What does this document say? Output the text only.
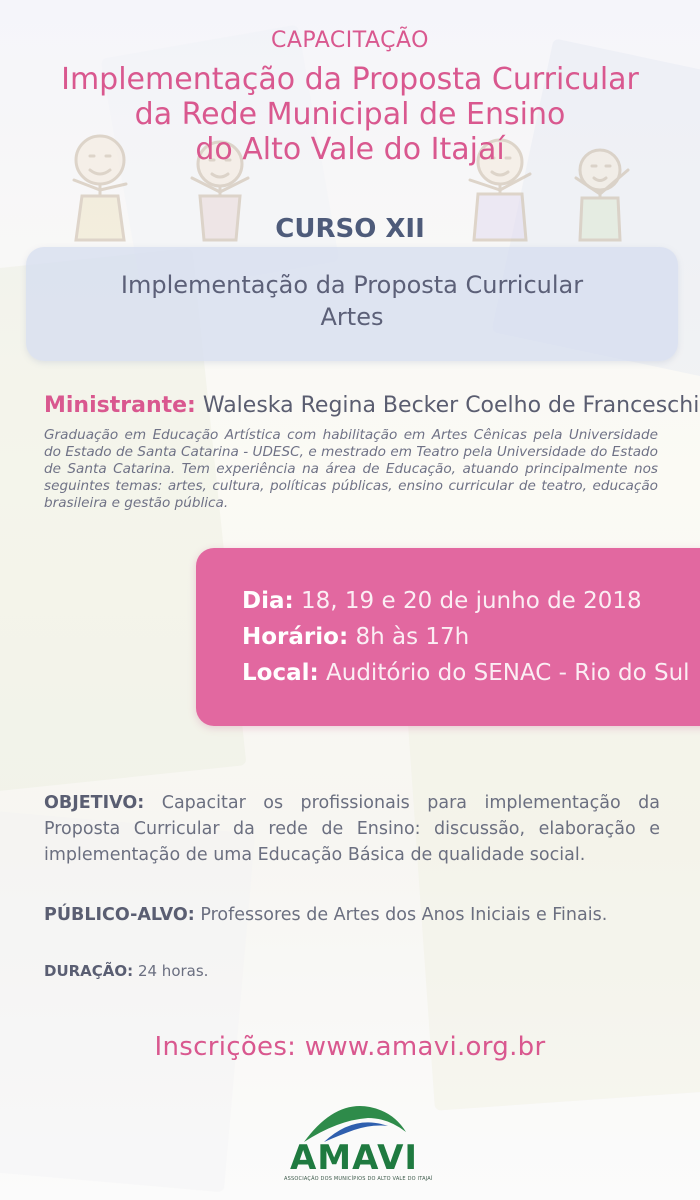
CAPACITAÇÃO
Implementação da Proposta Curricular
da Rede Municipal de Ensino
do Alto Vale do Itajaí
CURSO XII
Implementação da Proposta Curricular
Artes
Ministrante: Waleska Regina Becker Coelho de Franceschi
Graduação em Educação Artística com habilitação em Artes Cênicas pela Universidade do Estado de Santa Catarina - UDESC, e mestrado em Teatro pela Universidade do Estado de Santa Catarina. Tem experiência na área de Educação, atuando principalmente nos seguintes temas: artes, cultura, políticas públicas, ensino curricular de teatro, educação brasileira e gestão pública.
Dia: 18, 19 e 20 de junho de 2018
Horário: 8h às 17h
Local: Auditório do SENAC - Rio do Sul
OBJETIVO: Capacitar os profissionais para implementação da Proposta Curricular da rede de Ensino: discussão, elaboração e implementação de uma Educação Básica de qualidade social.
PÚBLICO-ALVO: Professores de Artes dos Anos Iniciais e Finais.
DURAÇÃO: 24 horas.
Inscrições: www.amavi.org.br
AMAVI
ASSOCIAÇÃO DOS MUNICÍPIOS DO ALTO VALE DO ITAJAÍ
